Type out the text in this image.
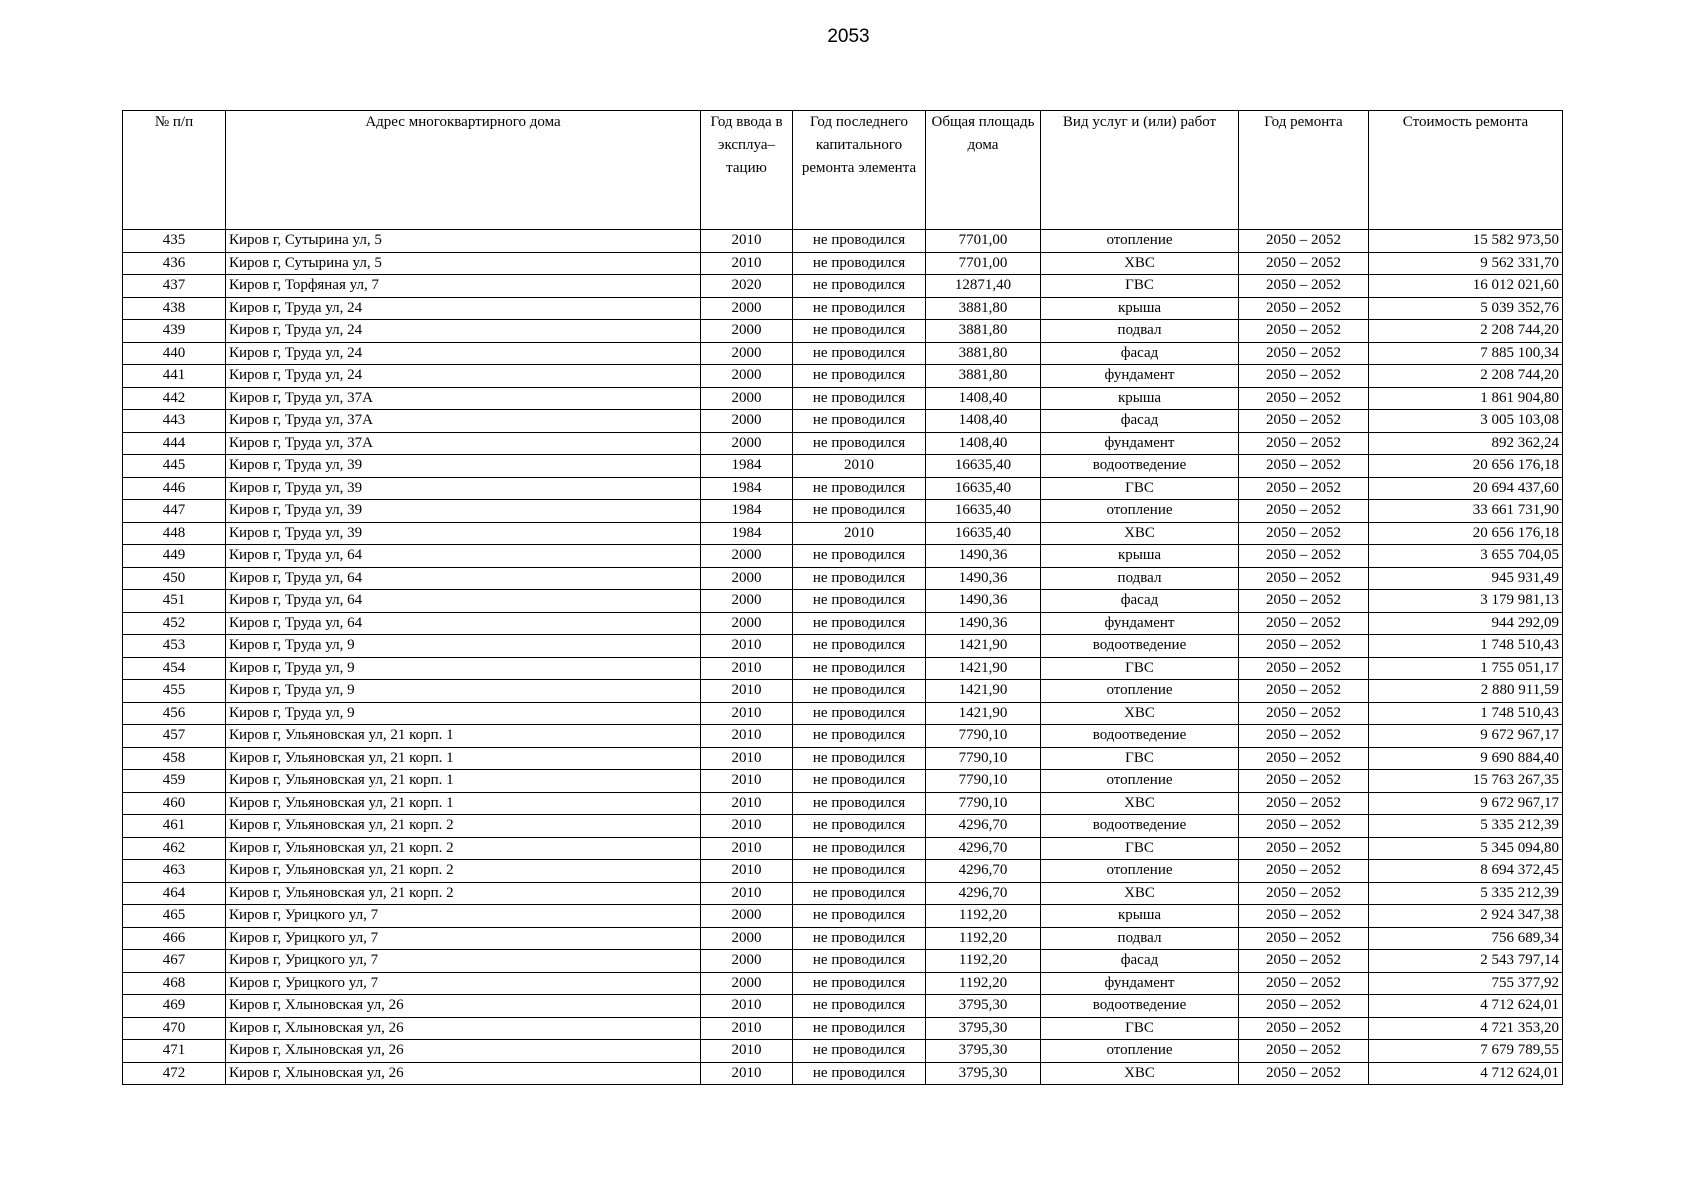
2053
№ п/п	Адрес многоквартирного дома	Год ввода в эксплуа–тацию	Год последнего капитального ремонта элемента	Общая площадь дома	Вид услуг и (или) работ	Год ремонта	Стоимость ремонта
435	Киров г, Сутырина ул, 5	2010	не проводился	7701,00	отопление	2050 – 2052	15 582 973,50
436	Киров г, Сутырина ул, 5	2010	не проводился	7701,00	ХВС	2050 – 2052	9 562 331,70
437	Киров г, Торфяная ул, 7	2020	не проводился	12871,40	ГВС	2050 – 2052	16 012 021,60
438	Киров г, Труда ул, 24	2000	не проводился	3881,80	крыша	2050 – 2052	5 039 352,76
439	Киров г, Труда ул, 24	2000	не проводился	3881,80	подвал	2050 – 2052	2 208 744,20
440	Киров г, Труда ул, 24	2000	не проводился	3881,80	фасад	2050 – 2052	7 885 100,34
441	Киров г, Труда ул, 24	2000	не проводился	3881,80	фундамент	2050 – 2052	2 208 744,20
442	Киров г, Труда ул, 37А	2000	не проводился	1408,40	крыша	2050 – 2052	1 861 904,80
443	Киров г, Труда ул, 37А	2000	не проводился	1408,40	фасад	2050 – 2052	3 005 103,08
444	Киров г, Труда ул, 37А	2000	не проводился	1408,40	фундамент	2050 – 2052	892 362,24
445	Киров г, Труда ул, 39	1984	2010	16635,40	водоотведение	2050 – 2052	20 656 176,18
446	Киров г, Труда ул, 39	1984	не проводился	16635,40	ГВС	2050 – 2052	20 694 437,60
447	Киров г, Труда ул, 39	1984	не проводился	16635,40	отопление	2050 – 2052	33 661 731,90
448	Киров г, Труда ул, 39	1984	2010	16635,40	ХВС	2050 – 2052	20 656 176,18
449	Киров г, Труда ул, 64	2000	не проводился	1490,36	крыша	2050 – 2052	3 655 704,05
450	Киров г, Труда ул, 64	2000	не проводился	1490,36	подвал	2050 – 2052	945 931,49
451	Киров г, Труда ул, 64	2000	не проводился	1490,36	фасад	2050 – 2052	3 179 981,13
452	Киров г, Труда ул, 64	2000	не проводился	1490,36	фундамент	2050 – 2052	944 292,09
453	Киров г, Труда ул, 9	2010	не проводился	1421,90	водоотведение	2050 – 2052	1 748 510,43
454	Киров г, Труда ул, 9	2010	не проводился	1421,90	ГВС	2050 – 2052	1 755 051,17
455	Киров г, Труда ул, 9	2010	не проводился	1421,90	отопление	2050 – 2052	2 880 911,59
456	Киров г, Труда ул, 9	2010	не проводился	1421,90	ХВС	2050 – 2052	1 748 510,43
457	Киров г, Ульяновская ул, 21 корп. 1	2010	не проводился	7790,10	водоотведение	2050 – 2052	9 672 967,17
458	Киров г, Ульяновская ул, 21 корп. 1	2010	не проводился	7790,10	ГВС	2050 – 2052	9 690 884,40
459	Киров г, Ульяновская ул, 21 корп. 1	2010	не проводился	7790,10	отопление	2050 – 2052	15 763 267,35
460	Киров г, Ульяновская ул, 21 корп. 1	2010	не проводился	7790,10	ХВС	2050 – 2052	9 672 967,17
461	Киров г, Ульяновская ул, 21 корп. 2	2010	не проводился	4296,70	водоотведение	2050 – 2052	5 335 212,39
462	Киров г, Ульяновская ул, 21 корп. 2	2010	не проводился	4296,70	ГВС	2050 – 2052	5 345 094,80
463	Киров г, Ульяновская ул, 21 корп. 2	2010	не проводился	4296,70	отопление	2050 – 2052	8 694 372,45
464	Киров г, Ульяновская ул, 21 корп. 2	2010	не проводился	4296,70	ХВС	2050 – 2052	5 335 212,39
465	Киров г, Урицкого ул, 7	2000	не проводился	1192,20	крыша	2050 – 2052	2 924 347,38
466	Киров г, Урицкого ул, 7	2000	не проводился	1192,20	подвал	2050 – 2052	756 689,34
467	Киров г, Урицкого ул, 7	2000	не проводился	1192,20	фасад	2050 – 2052	2 543 797,14
468	Киров г, Урицкого ул, 7	2000	не проводился	1192,20	фундамент	2050 – 2052	755 377,92
469	Киров г, Хлыновская ул, 26	2010	не проводился	3795,30	водоотведение	2050 – 2052	4 712 624,01
470	Киров г, Хлыновская ул, 26	2010	не проводился	3795,30	ГВС	2050 – 2052	4 721 353,20
471	Киров г, Хлыновская ул, 26	2010	не проводился	3795,30	отопление	2050 – 2052	7 679 789,55
472	Киров г, Хлыновская ул, 26	2010	не проводился	3795,30	ХВС	2050 – 2052	4 712 624,01
